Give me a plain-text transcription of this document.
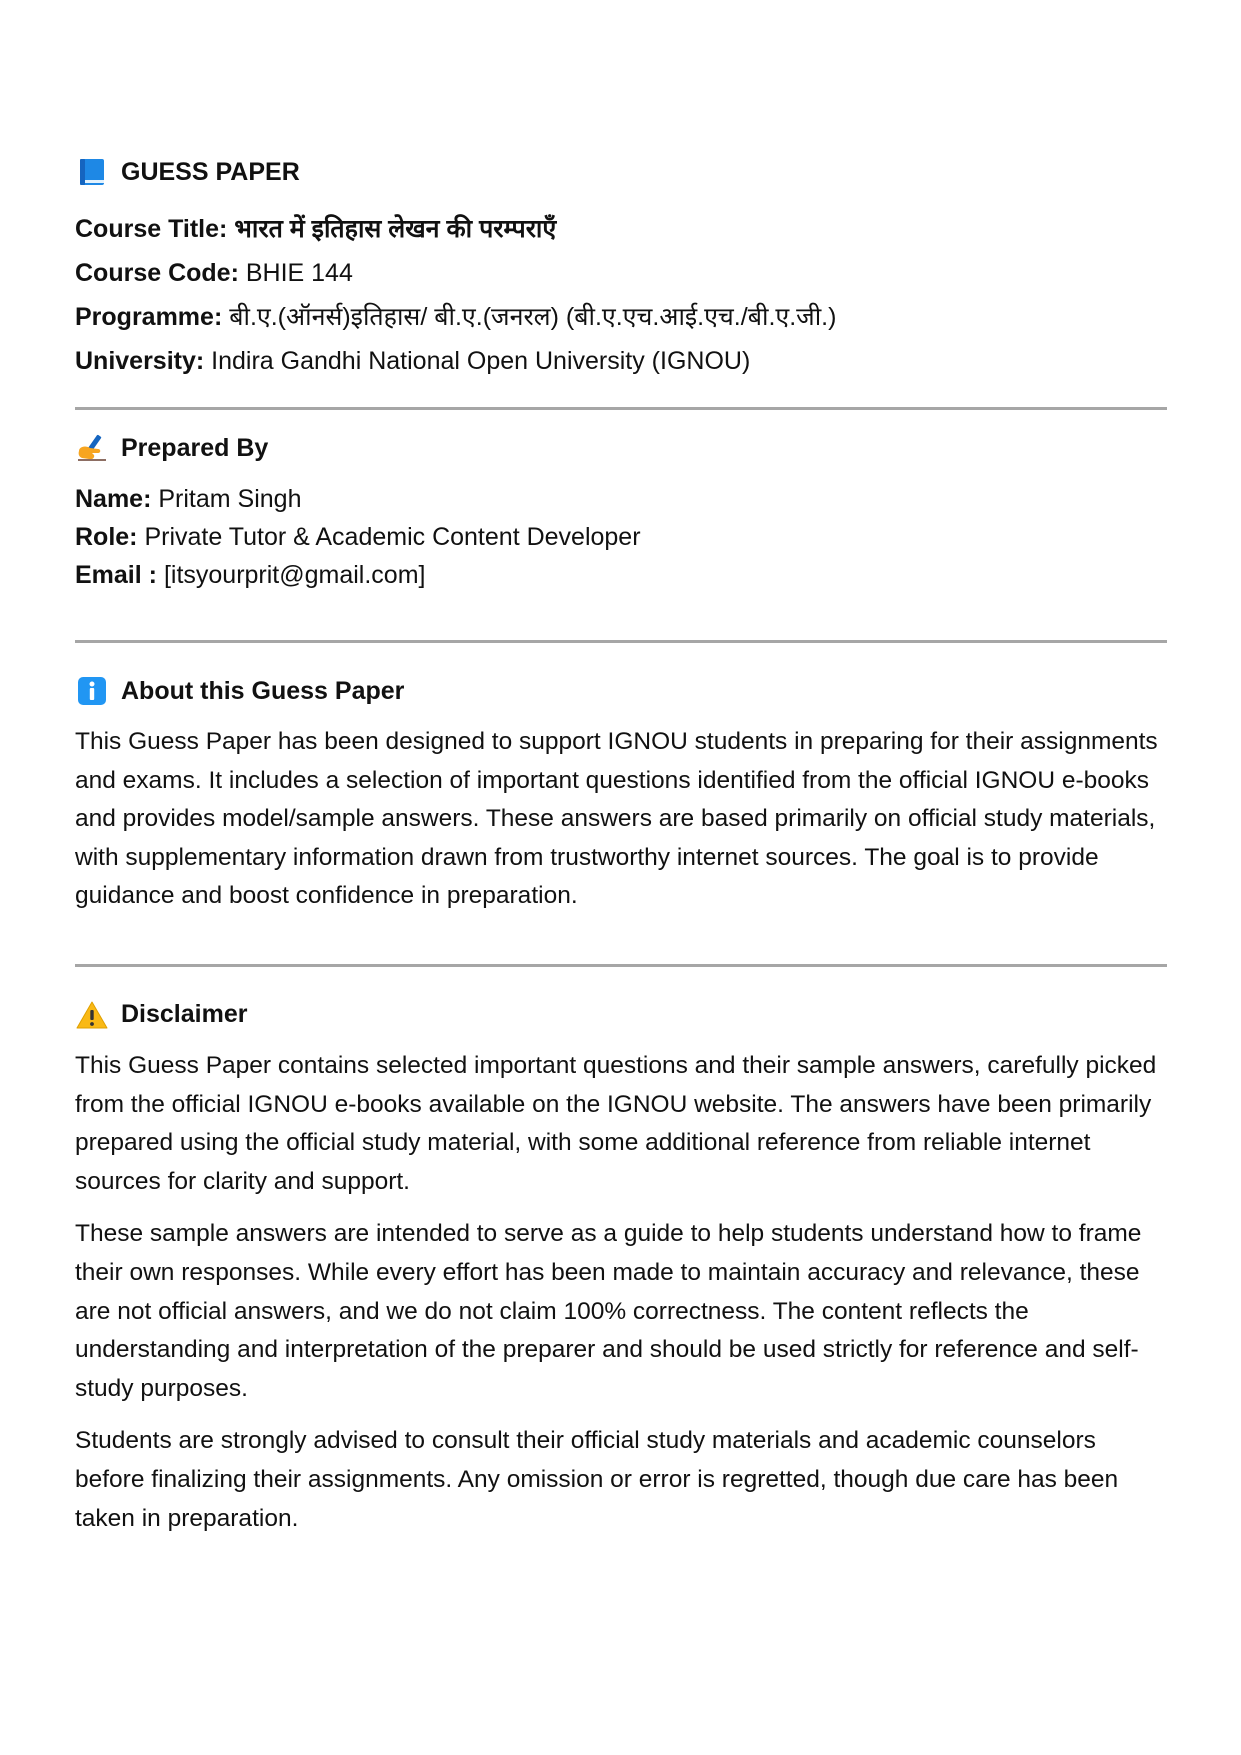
GUESS PAPER
Course Title: भारत में इतिहास लेखन की परम्पराएँ
Course Code: BHIE 144
Programme: बी.ए.(ऑनर्स)इतिहास/ बी.ए.(जनरल) (बी.ए.एच.आई.एच./बी.ए.जी.)
University: Indira Gandhi National Open University (IGNOU)
Prepared By
Name: Pritam Singh
Role: Private Tutor & Academic Content Developer
Email : [itsyourprit@gmail.com]
About this Guess Paper

This Guess Paper has been designed to support IGNOU students in preparing for their assignments and exams. It includes a selection of important questions identified from the official IGNOU e-books and provides model/sample answers. These answers are based primarily on official study materials, with supplementary information drawn from trustworthy internet sources. The goal is to provide guidance and boost confidence in preparation.

Disclaimer

This Guess Paper contains selected important questions and their sample answers, carefully picked from the official IGNOU e-books available on the IGNOU website. The answers have been primarily prepared using the official study material, with some additional reference from reliable internet sources for clarity and support.

These sample answers are intended to serve as a guide to help students understand how to frame their own responses. While every effort has been made to maintain accuracy and relevance, these are not official answers, and we do not claim 100% correctness. The content reflects the understanding and interpretation of the preparer and should be used strictly for reference and self-study purposes.

Students are strongly advised to consult their official study materials and academic counselors before finalizing their assignments. Any omission or error is regretted, though due care has been taken in preparation.
